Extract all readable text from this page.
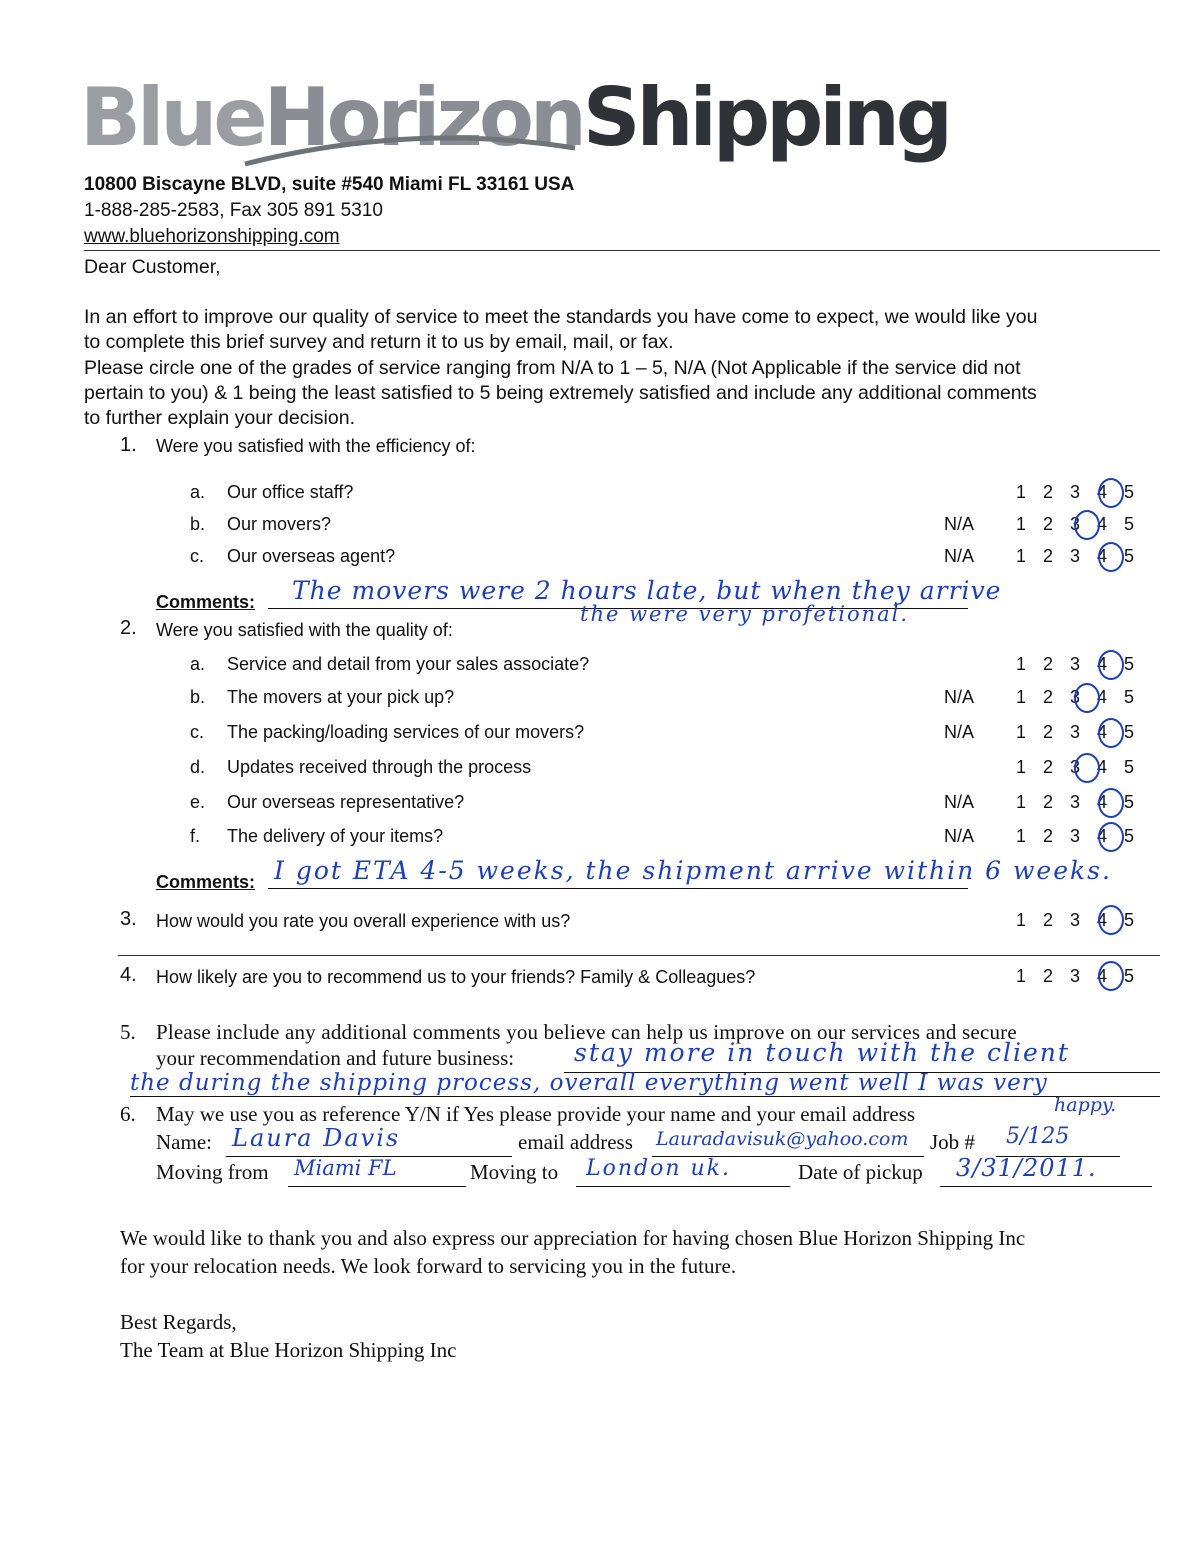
BlueHorizonShipping
10800 Biscayne BLVD, suite #540 Miami FL 33161 USA
1-888-285-2583, Fax 305 891 5310
www.bluehorizonshipping.com
Dear Customer,
In an effort to improve our quality of service to meet the standards you have come to expect, we would like you
to complete this brief survey and return it to us by email, mail, or fax.
Please circle one of the grades of service ranging from N/A to 1 – 5, N/A (Not Applicable if the service did not
pertain to you) & 1 being the least satisfied to 5 being extremely satisfied and include any additional comments
to further explain your decision.
1. Were you satisfied with the efficiency of:
a. Our office staff?	1 2 3 4 5
b. Our movers?	N/A 1 2 3 4 5
c. Our overseas agent?	N/A 1 2 3 4 5
Comments: The movers were 2 hours late, but when they arrive
the were very profetional.
2. Were you satisfied with the quality of:
a. Service and detail from your sales associate?	1 2 3 4 5
b. The movers at your pick up?	N/A 1 2 3 4 5
c. The packing/loading services of our movers?	N/A 1 2 3 4 5
d. Updates received through the process	1 2 3 4 5
e. Our overseas representative?	N/A 1 2 3 4 5
f. The delivery of your items?	N/A 1 2 3 4 5
Comments: I got ETA 4-5 weeks, the shipment arrive within 6 weeks.
3. How would you rate you overall experience with us?	1 2 3 4 5
4. How likely are you to recommend us to your friends? Family & Colleagues?	1 2 3 4 5
5. Please include any additional comments you believe can help us improve on our services and secure
your recommendation and future business: stay more in touch with the client
the during the shipping process, overall everything went well I was very
happy.
6. May we use you as reference Y/N if Yes please provide your name and your email address
Name: Laura Davis	email address Lauradavisuk@yahoo.com Job # 5/125
Moving from Miami FL	Moving to London uk.	Date of pickup 3/31/2011.
We would like to thank you and also express our appreciation for having chosen Blue Horizon Shipping Inc
for your relocation needs. We look forward to servicing you in the future.
Best Regards,
The Team at Blue Horizon Shipping Inc
